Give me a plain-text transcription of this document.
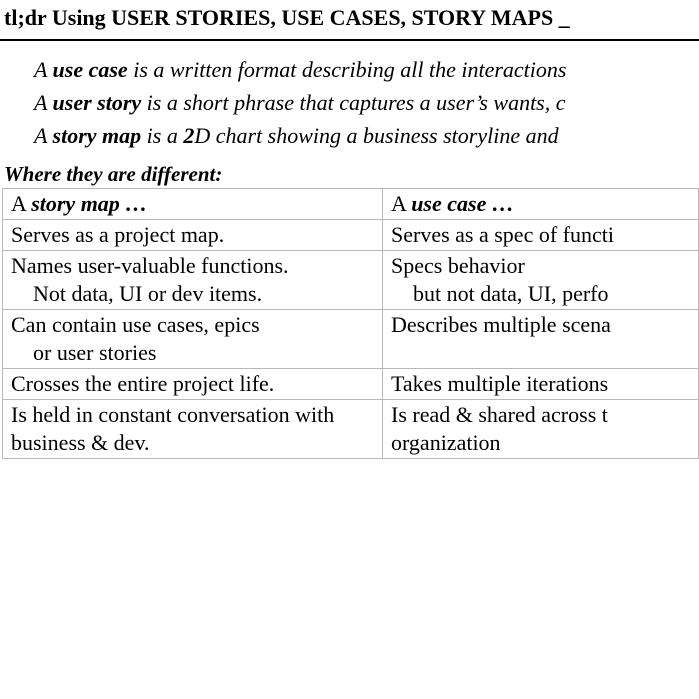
tl;dr Using USER STORIES, USE CASES, STORY MAPS _
A use case is a written format describing all the interactions
A user story is a short phrase that captures a user’s wants, c
A story map is a 2D chart showing a business storyline and
Where they are different:
A story map …	A use case …

Serves as a project map.	Serves as a spec of functi

Names user-valuable functions.
Not data, UI or dev items.	Specs behavior
but not data, UI, perfo

Can contain use cases, epics
or user stories	Describes multiple scena

Crosses the entire project life.	Takes multiple iterations

Is held in constant conversation with
business & dev.	Is read & shared across t
organization
